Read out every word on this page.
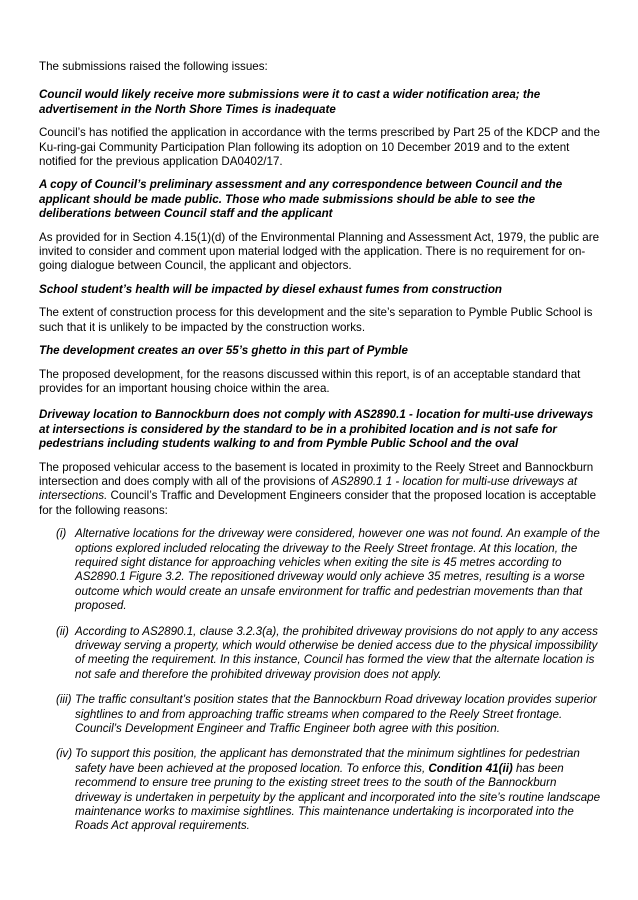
The submissions raised the following issues:

Council would likely receive more submissions were it to cast a wider notification area; the advertisement in the North Shore Times is inadequate

Council’s has notified the application in accordance with the terms prescribed by Part 25 of the KDCP and the Ku-ring-gai Community Participation Plan following its adoption on 10 December 2019 and to the extent notified for the previous application DA0402/17.

A copy of Council’s preliminary assessment and any correspondence between Council and the applicant should be made public. Those who made submissions should be able to see the deliberations between Council staff and the applicant

As provided for in Section 4.15(1)(d) of the Environmental Planning and Assessment Act, 1979, the public are invited to consider and comment upon material lodged with the application. There is no requirement for on-going dialogue between Council, the applicant and objectors.

School student’s health will be impacted by diesel exhaust fumes from construction

The extent of construction process for this development and the site’s separation to Pymble Public School is such that it is unlikely to be impacted by the construction works.

The development creates an over 55’s ghetto in this part of Pymble

The proposed development, for the reasons discussed within this report, is of an acceptable standard that provides for an important housing choice within the area.

Driveway location to Bannockburn does not comply with AS2890.1 - location for multi-use driveways at intersections is considered by the standard to be in a prohibited location and is not safe for pedestrians including students walking to and from Pymble Public School and the oval

The proposed vehicular access to the basement is located in proximity to the Reely Street and Bannockburn intersection and does comply with all of the provisions of AS2890.1 1 - location for multi-use driveways at intersections. Council’s Traffic and Development Engineers consider that the proposed location is acceptable for the following reasons:

(i) Alternative locations for the driveway were considered, however one was not found. An example of the options explored included relocating the driveway to the Reely Street frontage. At this location, the required sight distance for approaching vehicles when exiting the site is 45 metres according to AS2890.1 Figure 3.2. The repositioned driveway would only achieve 35 metres, resulting is a worse outcome which would create an unsafe environment for traffic and pedestrian movements than that proposed.
(ii) According to AS2890.1, clause 3.2.3(a), the prohibited driveway provisions do not apply to any access driveway serving a property, which would otherwise be denied access due to the physical impossibility of meeting the requirement. In this instance, Council has formed the view that the alternate location is not safe and therefore the prohibited driveway provision does not apply.
(iii) The traffic consultant’s position states that the Bannockburn Road driveway location provides superior sightlines to and from approaching traffic streams when compared to the Reely Street frontage. Council’s Development Engineer and Traffic Engineer both agree with this position.
(iv) To support this position, the applicant has demonstrated that the minimum sightlines for pedestrian safety have been achieved at the proposed location. To enforce this, Condition 41(ii) has been recommend to ensure tree pruning to the existing street trees to the south of the Bannockburn driveway is undertaken in perpetuity by the applicant and incorporated into the site’s routine landscape maintenance works to maximise sightlines. This maintenance undertaking is incorporated into the Roads Act approval requirements.
